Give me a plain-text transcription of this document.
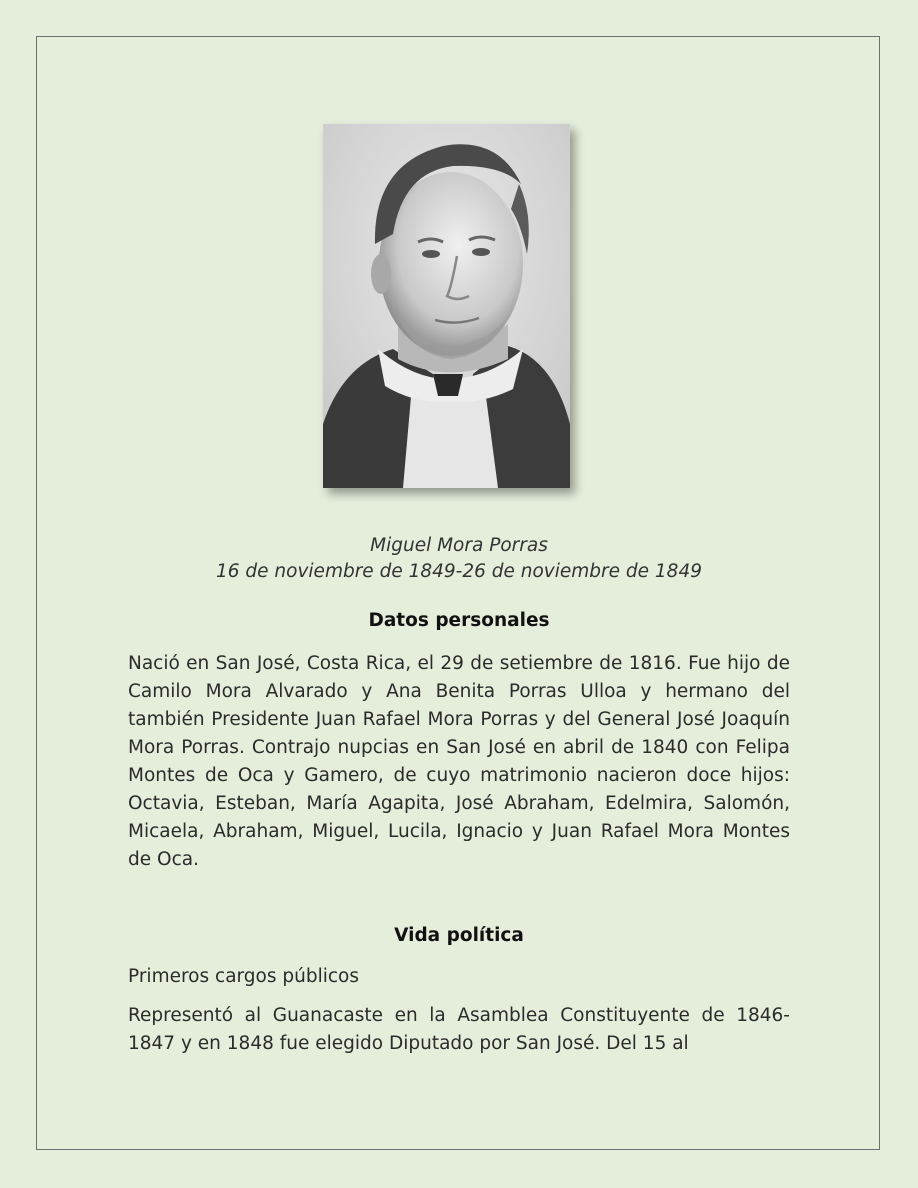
Miguel Mora Porras
16 de noviembre de 1849-26 de noviembre de 1849
Datos personales

Nació en San José, Costa Rica, el 29 de setiembre de 1816. Fue hijo de Camilo Mora Alvarado y Ana Benita Porras Ulloa y hermano del también Presidente Juan Rafael Mora Porras y del General José Joaquín Mora Porras. Contrajo nupcias en San José en abril de 1840 con Felipa Montes de Oca y Gamero, de cuyo matrimonio nacieron doce hijos: Octavia, Esteban, María Agapita, José Abraham, Edelmira, Salomón, Micaela, Abraham, Miguel, Lucila, Ignacio y Juan Rafael Mora Montes de Oca.

Vida política

Primeros cargos públicos

Representó al Guanacaste en la Asamblea Constituyente de 1846-1847 y en 1848 fue elegido Diputado por San José. Del 15 al
